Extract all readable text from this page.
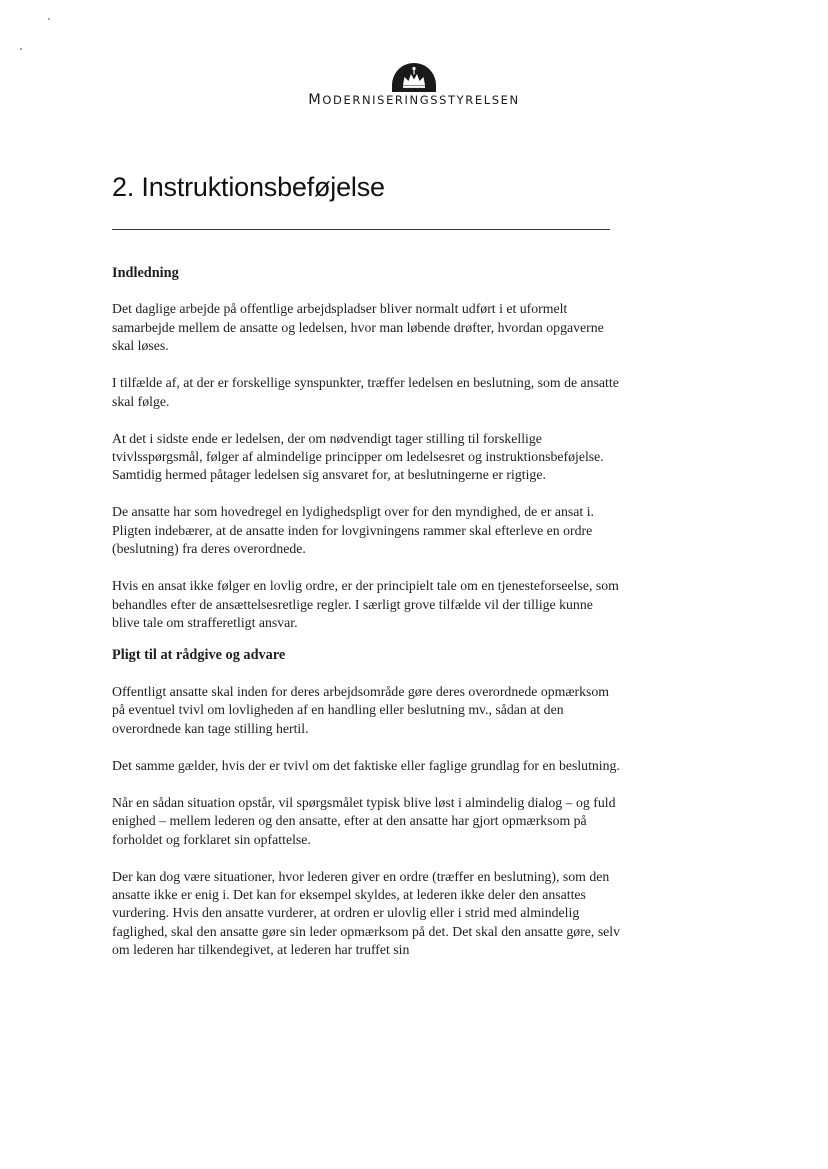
MODERNISERINGSSTYRELSEN
2. Instruktionsbeføjelse
Indledning

Det daglige arbejde på offentlige arbejdspladser bliver normalt udført i et uformelt samarbejde mellem de ansatte og ledelsen, hvor man løbende drøfter, hvordan opgaverne skal løses.

I tilfælde af, at der er forskellige synspunkter, træffer ledelsen en beslutning, som de ansatte skal følge.

At det i sidste ende er ledelsen, der om nødvendigt tager stilling til forskellige tvivlsspørgsmål, følger af almindelige principper om ledelsesret og instruktionsbeføjelse. Samtidig hermed påtager ledelsen sig ansvaret for, at beslutningerne er rigtige.

De ansatte har som hovedregel en lydighedspligt over for den myndighed, de er ansat i. Pligten indebærer, at de ansatte inden for lovgivningens rammer skal efterleve en ordre (beslutning) fra deres overordnede.

Hvis en ansat ikke følger en lovlig ordre, er der principielt tale om en tjenesteforseelse, som behandles efter de ansættelsesretlige regler. I særligt grove tilfælde vil der tillige kunne blive tale om strafferetligt ansvar.

Pligt til at rådgive og advare

Offentligt ansatte skal inden for deres arbejdsområde gøre deres overordnede opmærksom på eventuel tvivl om lovligheden af en handling eller beslutning mv., sådan at den overordnede kan tage stilling hertil.

Det samme gælder, hvis der er tvivl om det faktiske eller faglige grundlag for en beslutning.

Når en sådan situation opstår, vil spørgsmålet typisk blive løst i almindelig dialog – og fuld enighed – mellem lederen og den ansatte, efter at den ansatte har gjort opmærksom på forholdet og forklaret sin opfattelse.

Der kan dog være situationer, hvor lederen giver en ordre (træffer en beslutning), som den ansatte ikke er enig i. Det kan for eksempel skyldes, at lederen ikke deler den ansattes vurdering. Hvis den ansatte vurderer, at ordren er ulovlig eller i strid med almindelig faglighed, skal den ansatte gøre sin leder opmærksom på det. Det skal den ansatte gøre, selv om lederen har tilkendegivet, at lederen har truffet sin
